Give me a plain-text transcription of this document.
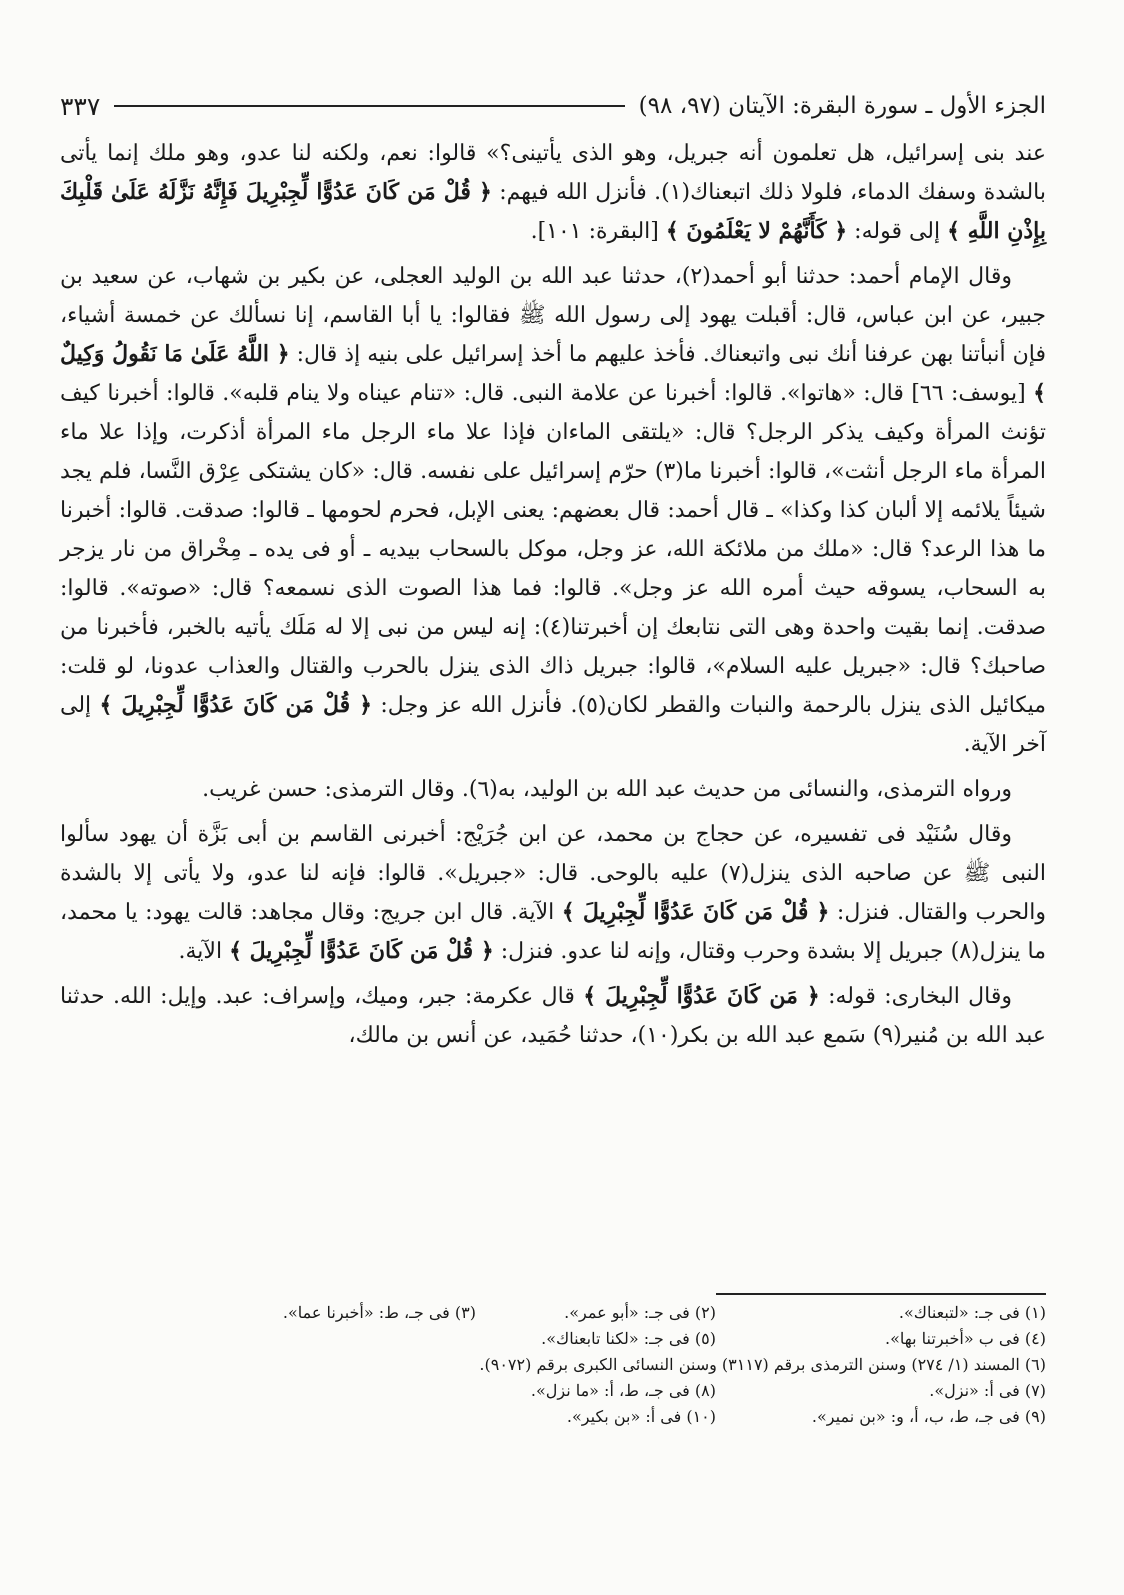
الجزء الأول ـ سورة البقرة: الآيتان (٩٧، ٩٨)
٣٣٧

عند بنى إسرائيل، هل تعلمون أنه جبريل، وهو الذى يأتينى؟» قالوا: نعم، ولكنه لنا عدو، وهو ملك إنما يأتى بالشدة وسفك الدماء، فلولا ذلك اتبعناك(١). فأنزل الله فيهم: ﴿ قُلْ مَن كَانَ عَدُوًّا لِّجِبْرِيلَ فَإِنَّهُ نَزَّلَهُ عَلَىٰ قَلْبِكَ بِإِذْنِ اللَّهِ ﴾ إلى قوله: ﴿ كَأَنَّهُمْ لا يَعْلَمُونَ ﴾ [البقرة: ١٠١].

وقال الإمام أحمد: حدثنا أبو أحمد(٢)، حدثنا عبد الله بن الوليد العجلى، عن بكير بن شهاب، عن سعيد بن جبير، عن ابن عباس، قال: أقبلت يهود إلى رسول الله ﷺ فقالوا: يا أبا القاسم، إنا نسألك عن خمسة أشياء، فإن أنبأتنا بهن عرفنا أنك نبى واتبعناك. فأخذ عليهم ما أخذ إسرائيل على بنيه إذ قال: ﴿ اللَّهُ عَلَىٰ مَا نَقُولُ وَكِيلٌ ﴾ [يوسف: ٦٦] قال: «هاتوا». قالوا: أخبرنا عن علامة النبى. قال: «تنام عيناه ولا ينام قلبه». قالوا: أخبرنا كيف تؤنث المرأة وكيف يذكر الرجل؟ قال: «يلتقى الماءان فإذا علا ماء الرجل ماء المرأة أذكرت، وإذا علا ماء المرأة ماء الرجل أنثت»، قالوا: أخبرنا ما(٣) حرّم إسرائيل على نفسه. قال: «كان يشتكى عِرْق النَّسا، فلم يجد شيئاً يلائمه إلا ألبان كذا وكذا» ـ قال أحمد: قال بعضهم: يعنى الإبل، فحرم لحومها ـ قالوا: صدقت. قالوا: أخبرنا ما هذا الرعد؟ قال: «ملك من ملائكة الله، عز وجل، موكل بالسحاب بيديه ـ أو فى يده ـ مِخْراق من نار يزجر به السحاب، يسوقه حيث أمره الله عز وجل». قالوا: فما هذا الصوت الذى نسمعه؟ قال: «صوته». قالوا: صدقت. إنما بقيت واحدة وهى التى نتابعك إن أخبرتنا(٤): إنه ليس من نبى إلا له مَلَك يأتيه بالخبر، فأخبرنا من صاحبك؟ قال: «جبريل عليه السلام»، قالوا: جبريل ذاك الذى ينزل بالحرب والقتال والعذاب عدونا، لو قلت: ميكائيل الذى ينزل بالرحمة والنبات والقطر لكان(٥). فأنزل الله عز وجل: ﴿ قُلْ مَن كَانَ عَدُوًّا لِّجِبْرِيلَ ﴾ إلى آخر الآية.

ورواه الترمذى، والنسائى من حديث عبد الله بن الوليد، به(٦). وقال الترمذى: حسن غريب.

وقال سُنَيْد فى تفسيره، عن حجاج بن محمد، عن ابن جُرَيْج: أخبرنى القاسم بن أبى بَزَّة أن يهود سألوا النبى ﷺ عن صاحبه الذى ينزل(٧) عليه بالوحى. قال: «جبريل». قالوا: فإنه لنا عدو، ولا يأتى إلا بالشدة والحرب والقتال. فنزل: ﴿ قُلْ مَن كَانَ عَدُوًّا لِّجِبْرِيلَ ﴾ الآية. قال ابن جريج: وقال مجاهد: قالت يهود: يا محمد، ما ينزل(٨) جبريل إلا بشدة وحرب وقتال، وإنه لنا عدو. فنزل: ﴿ قُلْ مَن كَانَ عَدُوًّا لِّجِبْرِيلَ ﴾ الآية.

وقال البخارى: قوله: ﴿ مَن كَانَ عَدُوًّا لِّجِبْرِيلَ ﴾ قال عكرمة: جبر، وميك، وإسراف: عبد. وإيل: الله. حدثنا عبد الله بن مُنير(٩) سَمع عبد الله بن بكر(١٠)، حدثنا حُمَيد، عن أنس بن مالك،

(١) فى جـ: «لتبعناك».
(٢) فى جـ: «أبو عمر».
(٣) فى جـ، ط: «أخبرنا عما».
(٤) فى ب «أخبرتنا بها».
(٥) فى جـ: «لكنا تابعناك».
(٦) المسند (١/ ٢٧٤) وسنن الترمذى برقم (٣١١٧) وسنن النسائى الكبرى برقم (٩٠٧٢).
(٧) فى أ: «نزل».
(٨) فى جـ، ط، أ: «ما نزل».
(٩) فى جـ، ط، ب، أ، و: «بن نمير».
(١٠) فى أ: «بن بكير».
